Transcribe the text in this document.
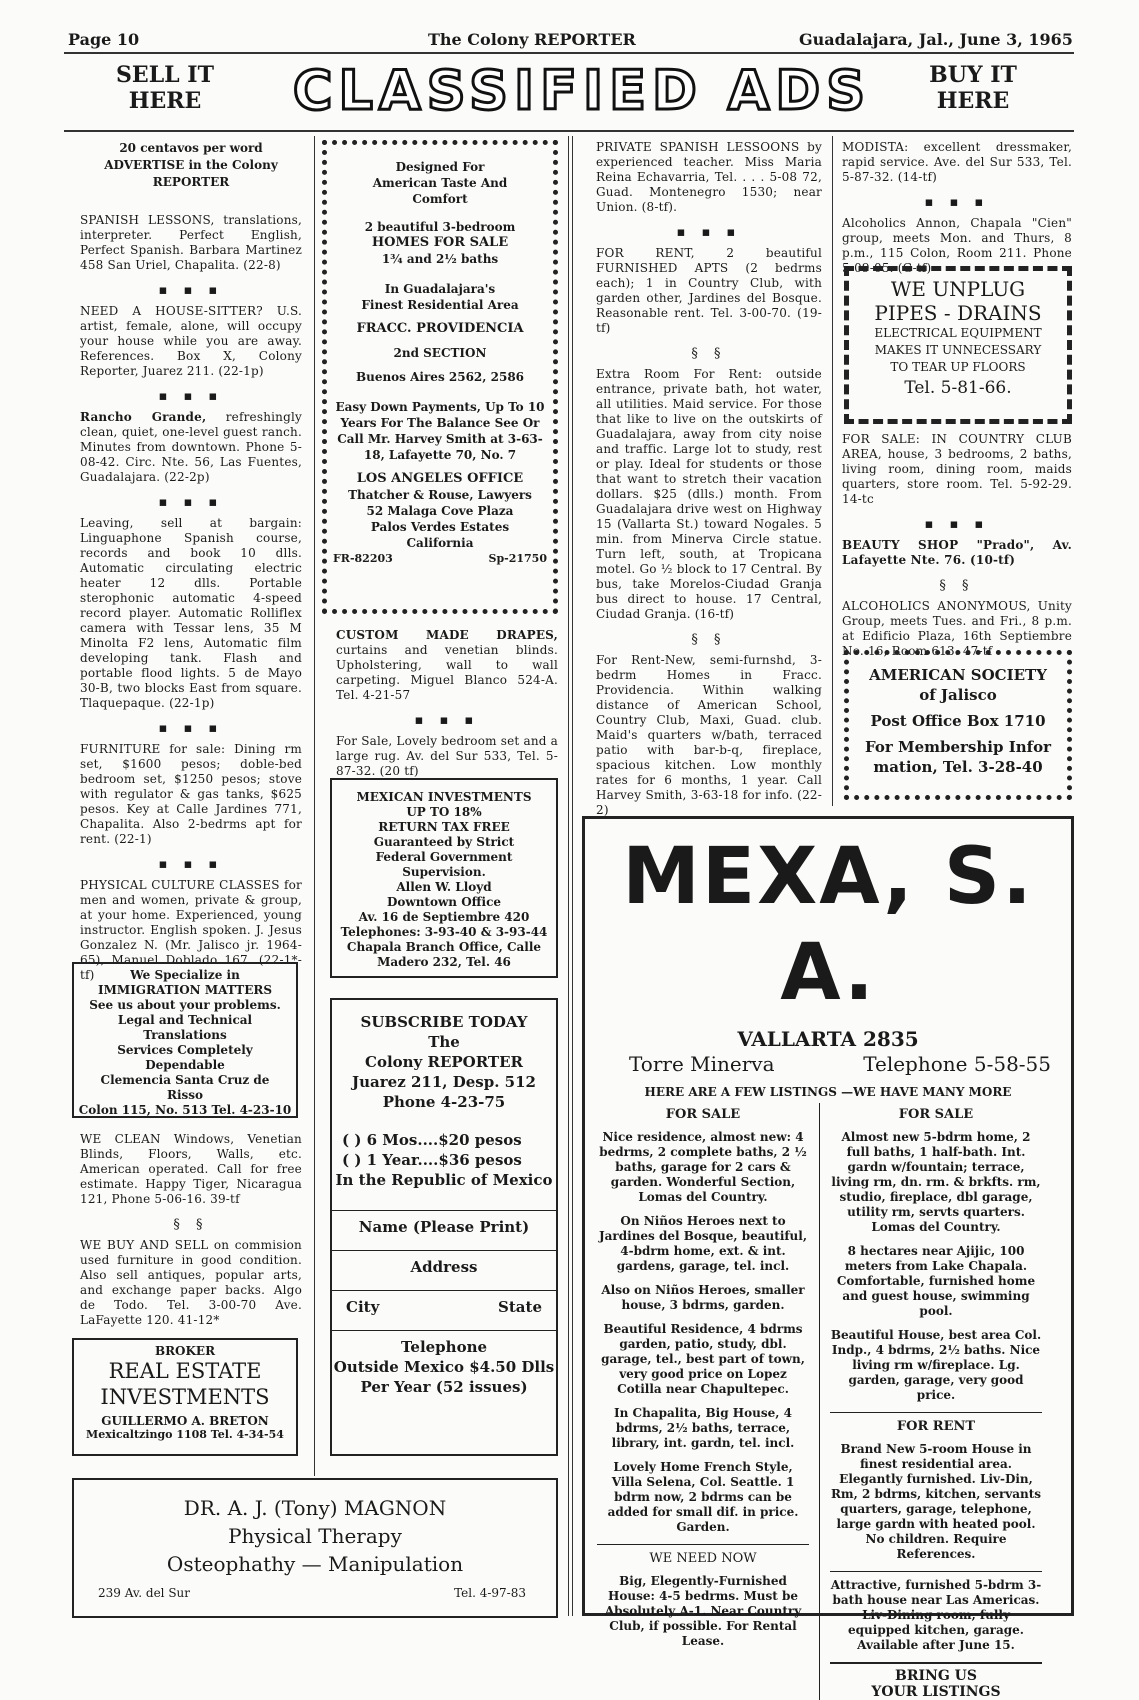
Page 10	The Colony REPORTER	Guadalajara, Jal., June 3, 1965
SELL IT
HERE	CLASSIFIED ADS	BUY IT
HERE
20 centavos per word ADVERTISE in the Colony REPORTER
SPANISH LESSONS, translations, interpreter. Perfect English, Perfect Spanish. Barbara Martinez 458 San Uriel, Chapalita. (22-8)
▪ ▪ ▪
NEED A HOUSE-SITTER? U.S. artist, female, alone, will occupy your house while you are away. References. Box X, Colony Reporter, Juarez 211. (22-1p)
▪ ▪ ▪
Rancho Grande, refreshingly clean, quiet, one-level guest ranch. Minutes from downtown. Phone 5-08-42. Circ. Nte. 56, Las Fuentes, Guadalajara. (22-2p)
▪ ▪ ▪
Leaving, sell at bargain: Linguaphone Spanish course, records and book 10 dlls. Automatic circulating electric heater 12 dlls. Portable sterophonic automatic 4-speed record player. Automatic Rolliflex camera with Tessar lens, 35 M Minolta F2 lens, Automatic film developing tank. Flash and portable flood lights. 5 de Mayo 30-B, two blocks East from square. Tlaquepaque. (22-1p)
▪ ▪ ▪
FURNITURE for sale: Dining rm set, $1600 pesos; doble-bed bedroom set, $1250 pesos; stove with regulator & gas tanks, $625 pesos. Key at Calle Jardines 771, Chapalita. Also 2-bedrms apt for rent. (22-1)
▪ ▪ ▪
PHYSICAL CULTURE CLASSES for men and women, private & group, at your home. Experienced, young instructor. English spoken. J. Jesus Gonzalez N. (Mr. Jalisco jr. 1964-65), Manuel Doblado 167. (22-1*-tf)	We Specialize in
IMMIGRATION MATTERS
See us about your problems.
Legal and Technical
Translations
Services Completely
Dependable
Clemencia Santa Cruz de
Risso
Colon 115, No. 513 Tel. 4-23-10
WE CLEAN Windows, Venetian Blinds, Floors, Walls, etc. American operated. Call for free estimate. Happy Tiger, Nicaragua 121, Phone 5-06-16. 39-tf
§ §
WE BUY AND SELL on commision used furniture in good condition. Also sell antiques, popular arts, and exchange paper backs. Algo de Todo. Tel. 3-00-70 Ave. LaFayette 120. 41-12*
BROKER
REAL ESTATE
INVESTMENTS
GUILLERMO A. BRETON
Mexicaltzingo 1108 Tel. 4-34-54
Designed For
American Taste And
Comfort
2 beautiful 3-bedroom
HOMES FOR SALE
1¾ and 2½ baths
In Guadalajara's
Finest Residential Area
FRACC. PROVIDENCIA
2nd SECTION
Buenos Aires 2562, 2586
Easy Down Payments, Up To 10 Years For The Balance See Or Call Mr. Harvey Smith at 3-63-18, Lafayette 70, No. 7
LOS ANGELES OFFICE
Thatcher & Rouse, Lawyers
52 Malaga Cove Plaza
Palos Verdes Estates
California
FR-82203	Sp-21750
CUSTOM MADE DRAPES, curtains and venetian blinds. Upholstering, wall to wall carpeting. Miguel Blanco 524-A. Tel. 4-21-57
▪ ▪ ▪
For Sale, Lovely bedroom set and a large rug. Av. del Sur 533, Tel. 5-87-32. (20 tf)
MEXICAN INVESTMENTS
UP TO 18%
RETURN TAX FREE
Guaranteed by Strict
Federal Government
Supervision.
Allen W. Lloyd
Downtown Office
Av. 16 de Septiembre 420
Telephones: 3-93-40 & 3-93-44
Chapala Branch Office, Calle
Madero 232, Tel. 46
SUBSCRIBE TODAY
The
Colony REPORTER
Juarez 211, Desp. 512
Phone 4-23-75
( ) 6 Mos....$20 pesos
( ) 1 Year....$36 pesos
In the Republic of Mexico
Name (Please Print)
Address
City	State
Telephone
Outside Mexico $4.50 Dlls
Per Year (52 issues)
DR. A. J. (Tony) MAGNON
Physical Therapy
Osteophathy — Manipulation
239 Av. del Sur	Tel. 4-97-83
PRIVATE SPANISH LESSOONS by experienced teacher. Miss Maria Reina Echavarria, Tel. . . . 5-08 72, Guad. Montenegro 1530; near Union. (8-tf).
▪ ▪ ▪
FOR RENT, 2 beautiful FURNISHED APTS (2 bedrms each); 1 in Country Club, with garden other, Jardines del Bosque. Reasonable rent. Tel. 3-00-70. (19-tf)
§ §
Extra Room For Rent: outside entrance, private bath, hot water, all utilities. Maid service. For those that like to live on the outskirts of Guadalajara, away from city noise and traffic. Large lot to study, rest or play. Ideal for students or those that want to stretch their vacation dollars. $25 (dlls.) month. From Guadalajara drive west on Highway 15 (Vallarta St.) toward Nogales. 5 min. from Minerva Circle statue. Turn left, south, at Tropicana motel. Go ½ block to 17 Central. By bus, take Morelos-Ciudad Granja bus direct to house. 17 Central, Ciudad Granja. (16-tf)
§ §
For Rent-New, semi-furnshd, 3-bedrm Homes in Fracc. Providencia. Within walking distance of American School, Country Club, Maxi, Guad. club. Maid's quarters w/bath, terraced patio with bar-b-q, fireplace, spacious kitchen. Low monthly rates for 6 months, 1 year. Call Harvey Smith, 3-63-18 for info. (22-2)
MODISTA: excellent dressmaker, rapid service. Ave. del Sur 533, Tel. 5-87-32. (14-tf)
▪ ▪ ▪
Alcoholics Annon, Chapala "Cien" group, meets Mon. and Thurs, 8 p.m., 115 Colon, Room 211. Phone 5-09-05. (G-tf)
WE UNPLUG
PIPES - DRAINS
ELECTRICAL EQUIPMENT
MAKES IT UNNECESSARY
TO TEAR UP FLOORS
Tel. 5-81-66.
FOR SALE: IN COUNTRY CLUB AREA, house, 3 bedrooms, 2 baths, living room, dining room, maids quarters, store room. Tel. 5-92-29. 14-tc
▪ ▪ ▪
BEAUTY SHOP "Prado", Av. Lafayette Nte. 76. (10-tf)
§ §
ALCOHOLICS ANONYMOUS, Unity Group, meets Tues. and Fri., 8 p.m. at Edificio Plaza, 16th Septiembre No. 16, Room 613. 47-tf
AMERICAN SOCIETY
of Jalisco
Post Office Box 1710
For Membership Infor
mation, Tel. 3-28-40
MEXA, S. A.
VALLARTA 2835
Torre Minerva	Telephone 5-58-55
HERE ARE A FEW LISTINGS —WE HAVE MANY MORE
FOR SALE
Nice residence, almost new: 4 bedrms, 2 complete baths, 2 ½ baths, garage for 2 cars & garden. Wonderful Section, Lomas del Country.
On Niños Heroes next to Jardines del Bosque, beautiful, 4-bdrm home, ext. & int. gardens, garage, tel. incl.
Also on Niños Heroes, smaller house, 3 bdrms, garden.
Beautiful Residence, 4 bdrms garden, patio, study, dbl. garage, tel., best part of town, very good price on Lopez Cotilla near Chapultepec.
In Chapalita, Big House, 4 bdrms, 2½ baths, terrace, library, int. gardn, tel. incl.
Lovely Home French Style, Villa Selena, Col. Seattle. 1 bdrm now, 2 bdrms can be added for small dif. in price. Garden.
WE NEED NOW
Big, Elegently-Furnished House: 4-5 bedrms. Must be Absolutely A-1. Near Country Club, if possible. For Rental Lease.
FOR SALE
Almost new 5-bdrm home, 2 full baths, 1 half-bath. Int. gardn w/fountain; terrace, living rm, dn. rm. & brkfts. rm, studio, fireplace, dbl garage, utility rm, servts quarters. Lomas del Country.
8 hectares near Ajijic, 100 meters from Lake Chapala. Comfortable, furnished home and guest house, swimming pool.
Beautiful House, best area Col. Indp., 4 bdrms, 2½ baths. Nice living rm w/fireplace. Lg. garden, garage, very good price.
FOR RENT
Brand New 5-room House in finest residential area. Elegantly furnished. Liv-Din, Rm, 2 bdrms, kitchen, servants quarters, garage, telephone, large gardn with heated pool. No children. Require References.
Attractive, furnished 5-bdrm 3-bath house near Las Americas. Liv-Dining room, fully equipped kitchen, garage. Available after June 15.
BRING US
YOUR LISTINGS
